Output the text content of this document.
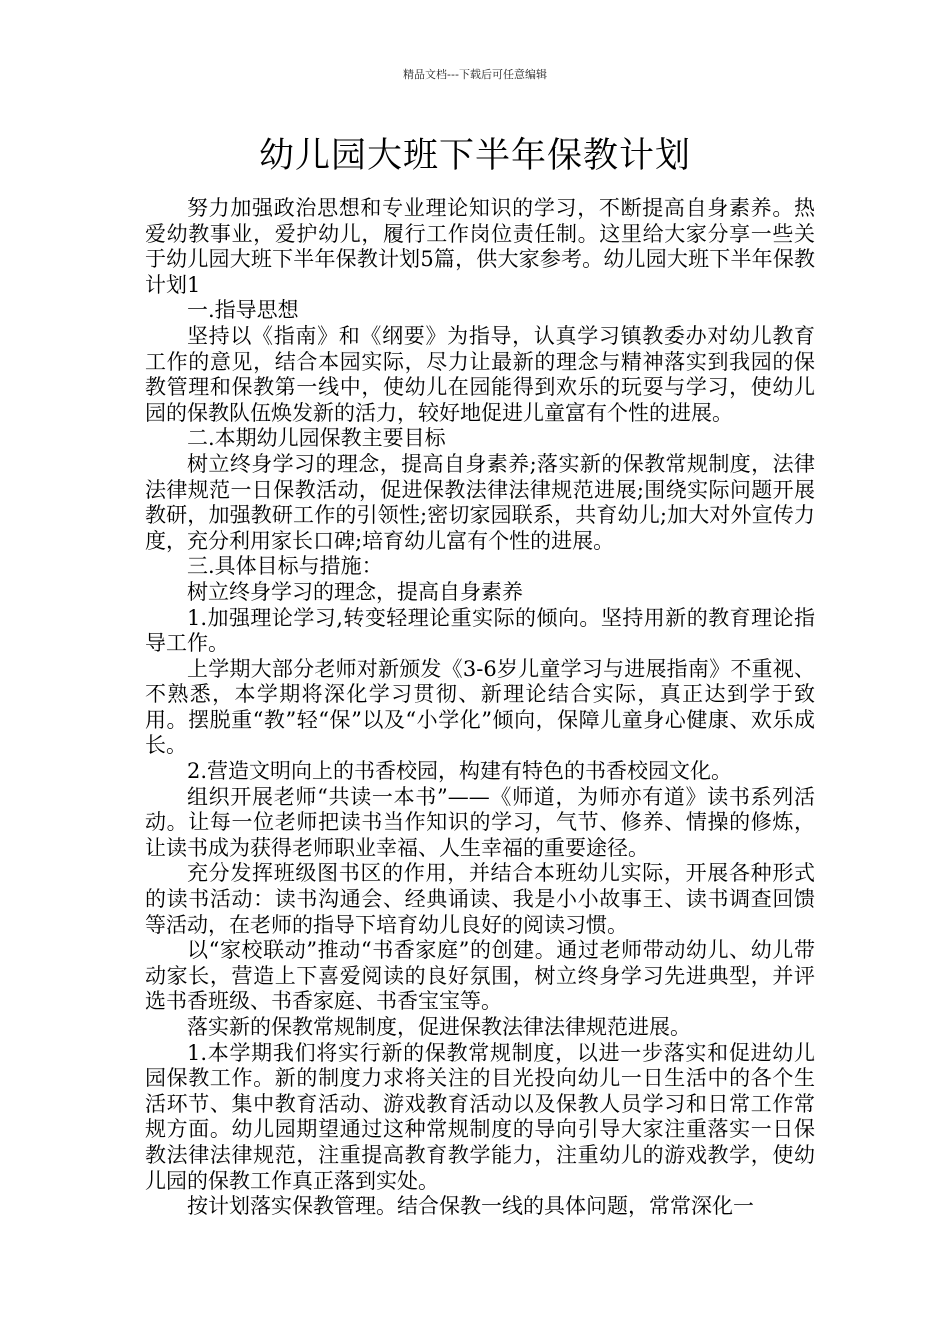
精品文档---下载后可任意编辑
幼儿园大班下半年保教计划

努力加强政治思想和专业理论知识的学习，不断提高自身素养。热爱幼教事业，爱护幼儿，履行工作岗位责任制。这里给大家分享一些关于幼儿园大班下半年保教计划5篇，供大家参考。幼儿园大班下半年保教计划1

一.指导思想

坚持以《指南》和《纲要》为指导，认真学习镇教委办对幼儿教育工作的意见，结合本园实际，尽力让最新的理念与精神落实到我园的保教管理和保教第一线中，使幼儿在园能得到欢乐的玩耍与学习，使幼儿园的保教队伍焕发新的活力，较好地促进儿童富有个性的进展。

二.本期幼儿园保教主要目标

树立终身学习的理念，提高自身素养;落实新的保教常规制度，法律法律规范一日保教活动，促进保教法律法律规范进展;围绕实际问题开展教研，加强教研工作的引领性;密切家园联系，共育幼儿;加大对外宣传力度，充分利用家长口碑;培育幼儿富有个性的进展。

三.具体目标与措施：

树立终身学习的理念，提高自身素养

1.加强理论学习,转变轻理论重实际的倾向。坚持用新的教育理论指导工作。

上学期大部分老师对新颁发《3-6岁儿童学习与进展指南》不重视、不熟悉，本学期将深化学习贯彻、新理论结合实际，真正达到学于致用。摆脱重“教”轻“保”以及“小学化”倾向，保障儿童身心健康、欢乐成长。

2.营造文明向上的书香校园，构建有特色的书香校园文化。

组织开展老师“共读一本书”——《师道，为师亦有道》读书系列活动。让每一位老师把读书当作知识的学习，气节、修养、情操的修炼，让读书成为获得老师职业幸福、人生幸福的重要途径。

充分发挥班级图书区的作用，并结合本班幼儿实际，开展各种形式的读书活动：读书沟通会、经典诵读、我是小小故事王、读书调查回馈等活动，在老师的指导下培育幼儿良好的阅读习惯。

以“家校联动”推动“书香家庭”的创建。通过老师带动幼儿、幼儿带动家长，营造上下喜爱阅读的良好氛围，树立终身学习先进典型，并评选书香班级、书香家庭、书香宝宝等。

落实新的保教常规制度，促进保教法律法律规范进展。

1.本学期我们将实行新的保教常规制度，以进一步落实和促进幼儿园保教工作。新的制度力求将关注的目光投向幼儿一日生活中的各个生活环节、集中教育活动、游戏教育活动以及保教人员学习和日常工作常规方面。幼儿园期望通过这种常规制度的导向引导大家注重落实一日保教法律法律规范，注重提高教育教学能力，注重幼儿的游戏教学，使幼儿园的保教工作真正落到实处。

按计划落实保教管理。结合保教一线的具体问题，常常深化一
